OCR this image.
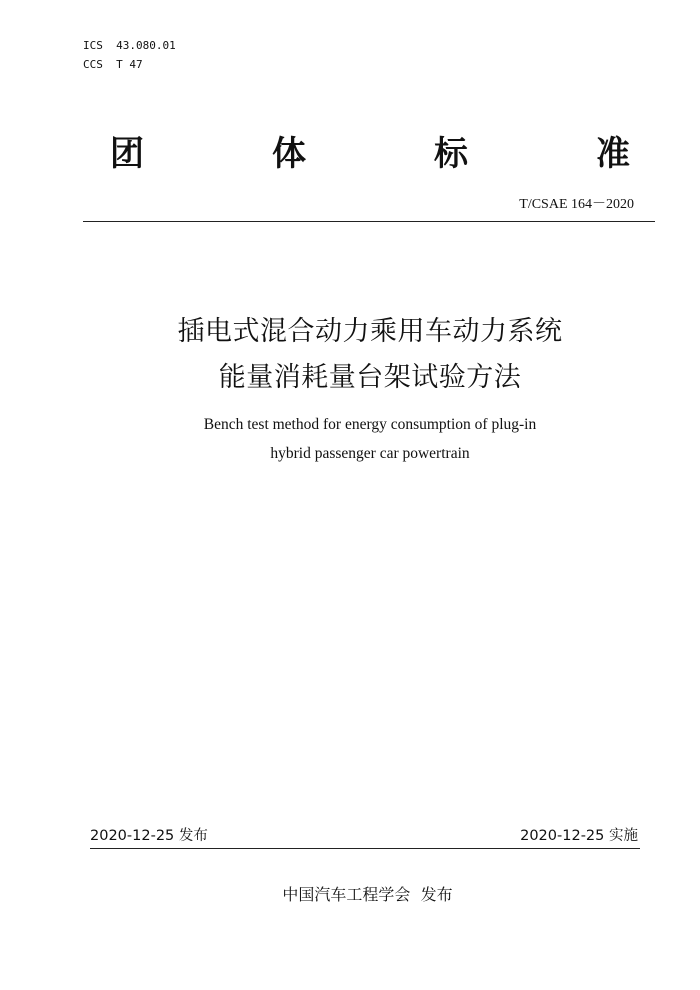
ICS  43.080.01
CCS  T 47
团	体	标	准
T/CSAE 164－2020
插电式混合动力乘用车动力系统
能量消耗量台架试验方法
Bench test method for energy consumption of plug-in
hybrid passenger car powertrain
2020-12-25 发布	2020-12-25 实施
中国汽车工程学会  发布
